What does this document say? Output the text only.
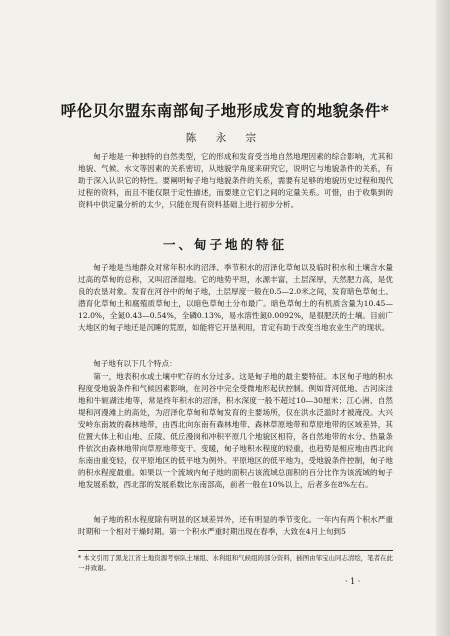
呼伦贝尔盟东南部甸子地形成发育的地貌条件*
陈 永 宗

甸子地是一种独特的自然类型，它的形成和发育受当地自然地理因素的综合影响，尤其和地貌、气候、水文等因素的关系密切，从地貌学角度来研究它，说明它与地貌条件的关系，有助于深入认识它的特性。要阐明甸子地与地貌条件的关系，需要有足够的地貌历史过程和现代过程的资料，而且不能仅限于定性描述，而要建立它们之间的定量关系。可惜，由于收集到的资料中供定量分析的太少，只能在现有资料基础上进行初步分析。

一、甸子地的特征

甸子地是当地群众对常年积水的沼泽、季节积水的沼泽化草甸以及临时积水和土壤含水量过高的草甸的总称，又叫沼泽湿地。它的地势平坦，水源丰富，土层深厚，天然肥力高，是优良的农垦对象。发育在河谷中的甸子地，土层厚度一般在0.5—2.0米之间，发育暗色草甸土、潜育化草甸土和腐殖质草甸土，以暗色草甸土分布最广。暗色草甸土的有机质含量为10.45—12.0%，全氮0.43—0.54%，全磷0.13%，易水溶性氮0.0092%，是很肥沃的土壤。目前广大地区的甸子地还是沉睡的荒原，如能将它开垦利用，肯定有助于改变当地农业生产的现状。

甸子地有以下几个特点：

第一，地表积水或土壤中贮存的水分过多。这是甸子地的最主要特征。本区甸子地的积水程度受地貌条件和气候因素影响，在河谷中完全受微地形起伏控制。例如背河低地、古河床洼地和牛轭湖洼地等，常是终年积水的沼泽，积水深度一般不超过10—30厘米；江心洲、自然堤和河漫滩上的高处，为沼泽化草甸和草甸发育的主要场所，仅在洪水泛滥时才被淹没。大兴安岭东南坡的森林地带，由西北向东南有森林地带、森林草原地带和草原地带的区域差异，其位置大体上和山地、丘陵、低丘漫岗和冲积平原几个地貌区相符，各自然地带的水分、热量条件依次由森林地带向草原地带变干、变暖，甸子地积水程度的轻重，也趋势是相应地由西北向东南由重变轻，仅平原地区的低平地为例外。平原地区的低平地为，受地貌条件控制，甸子地的积水程度最重。如果以一个流域内甸子地的面积占该流域总面积的百分比作为该流域的甸子地发展系数，西北部的发展系数比东南部高，前者一般在10%以上，后者多在8%左右。

甸子地的积水程度除有明显的区域差异外，还有明显的季节变化。一年内有两个积水严重时期和一个相对干燥时期。第一个积水严重时期出现在春季，大致在4月上旬到5

* 本文引用了黑龙江省土地资源考察队土壤组、水利组和气候组的部分资料，插图由邹宝山同志清绘，笔者在此一并致谢。

· 1 ·
